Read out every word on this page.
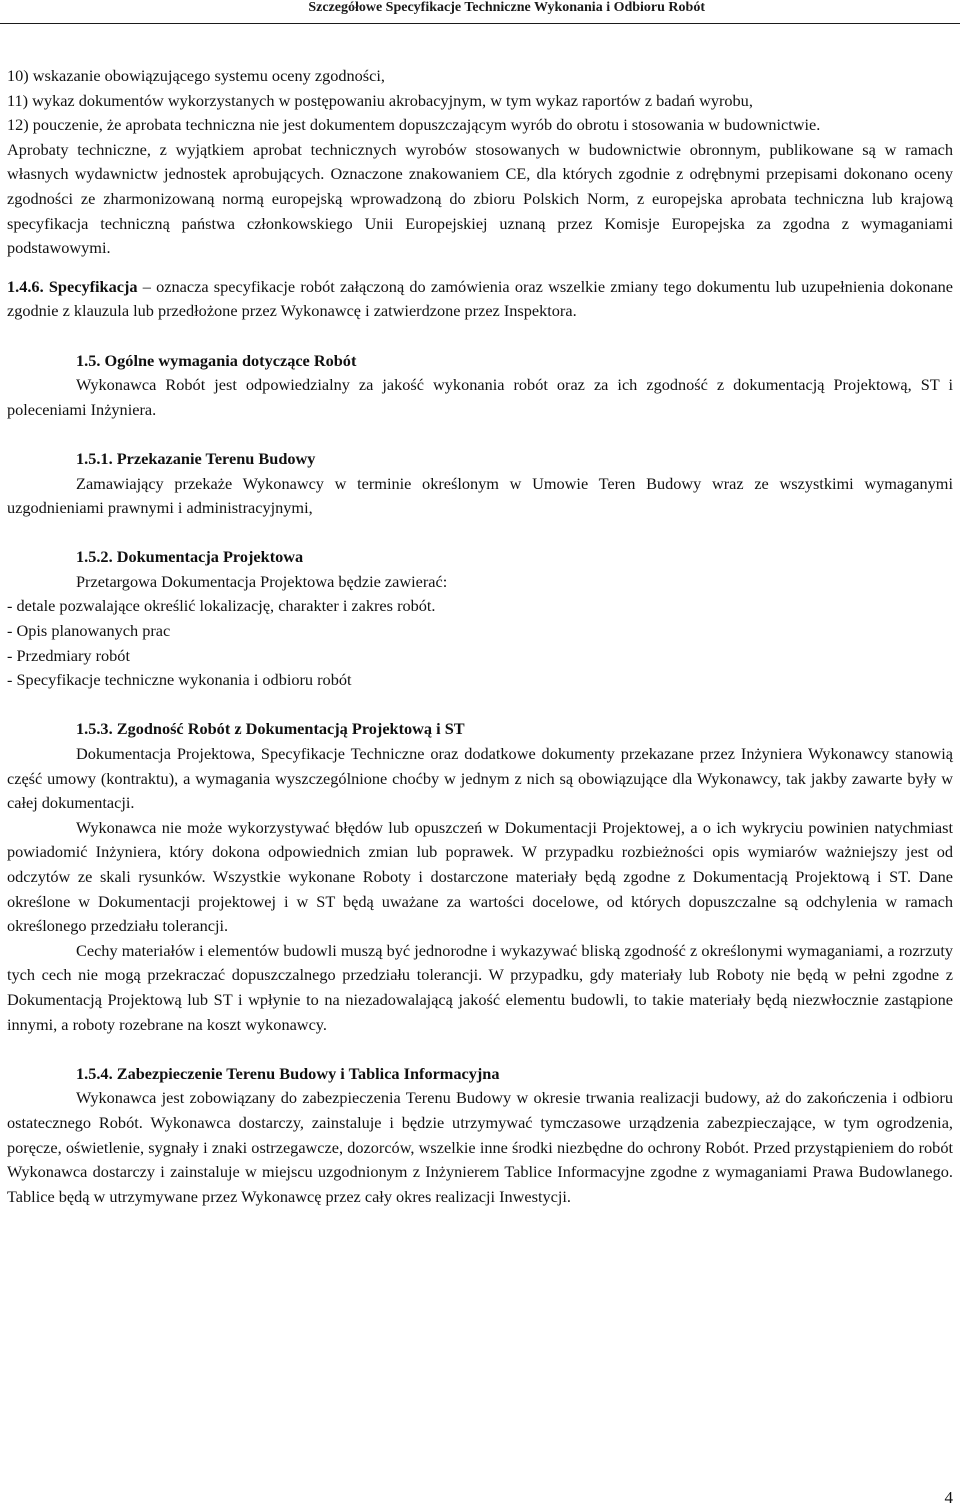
Szczegółowe Specyfikacje Techniczne Wykonania i Odbioru Robót

10) wskazanie obowiązującego systemu oceny zgodności,

11) wykaz dokumentów wykorzystanych w postępowaniu akrobacyjnym, w tym wykaz raportów z badań wyrobu,

12) pouczenie, że aprobata techniczna nie jest dokumentem dopuszczającym wyrób do obrotu i stosowania w budownictwie.

Aprobaty techniczne, z wyjątkiem aprobat technicznych wyrobów stosowanych w budownictwie obronnym, publikowane są w ramach własnych wydawnictw jednostek aprobujących. Oznaczone znakowaniem CE, dla których zgodnie z odrębnymi przepisami dokonano oceny zgodności ze zharmonizowaną normą europejską wprowadzoną do zbioru Polskich Norm, z europejska aprobata techniczna lub krajową specyfikacja techniczną państwa członkowskiego Unii Europejskiej uznaną przez Komisje Europejska za zgodna z wymaganiami podstawowymi.

1.4.6. Specyfikacja ‒ oznacza specyfikacje robót załączoną do zamówienia oraz wszelkie zmiany tego dokumentu lub uzupełnienia dokonane zgodnie z klauzula lub przedłożone przez Wykonawcę i zatwierdzone przez Inspektora.

1.5. Ogólne wymagania dotyczące Robót

Wykonawca Robót jest odpowiedzialny za jakość wykonania robót oraz za ich zgodność z dokumentacją Projektową, ST i poleceniami Inżyniera.

1.5.1. Przekazanie Terenu Budowy

Zamawiający przekaże Wykonawcy w terminie określonym w Umowie Teren Budowy wraz ze wszystkimi wymaganymi uzgodnieniami prawnymi i administracyjnymi,

1.5.2. Dokumentacja Projektowa

Przetargowa Dokumentacja Projektowa będzie zawierać:

- detale pozwalające określić lokalizację, charakter i zakres robót.

- Opis planowanych prac

- Przedmiary robót

- Specyfikacje techniczne wykonania i odbioru robót

1.5.3. Zgodność Robót z Dokumentacją Projektową i ST

Dokumentacja Projektowa, Specyfikacje Techniczne oraz dodatkowe dokumenty przekazane przez Inżyniera Wykonawcy stanowią część umowy (kontraktu), a wymagania wyszczególnione choćby w jednym z nich są obowiązujące dla Wykonawcy, tak jakby zawarte były w całej dokumentacji.

Wykonawca nie może wykorzystywać błędów lub opuszczeń w Dokumentacji Projektowej, a o ich wykryciu powinien natychmiast powiadomić Inżyniera, który dokona odpowiednich zmian lub poprawek. W przypadku rozbieżności opis wymiarów ważniejszy jest od odczytów ze skali rysunków. Wszystkie wykonane Roboty i dostarczone materiały będą zgodne z Dokumentacją Projektową i ST. Dane określone w Dokumentacji projektowej i w ST będą uważane za wartości docelowe, od których dopuszczalne są odchylenia w ramach określonego przedziału tolerancji.

Cechy materiałów i elementów budowli muszą być jednorodne i wykazywać bliską zgodność z określonymi wymaganiami, a rozrzuty tych cech nie mogą przekraczać dopuszczalnego przedziału tolerancji. W przypadku, gdy materiały lub Roboty nie będą w pełni zgodne z Dokumentacją Projektową lub ST i wpłynie to na niezadowalającą jakość elementu budowli, to takie materiały będą niezwłocznie zastąpione innymi, a roboty rozebrane na koszt wykonawcy.

1.5.4. Zabezpieczenie Terenu Budowy i Tablica Informacyjna

Wykonawca jest zobowiązany do zabezpieczenia Terenu Budowy w okresie trwania realizacji budowy, aż do zakończenia i odbioru ostatecznego Robót. Wykonawca dostarczy, zainstaluje i będzie utrzymywać tymczasowe urządzenia zabezpieczające, w tym ogrodzenia, poręcze, oświetlenie, sygnały i znaki ostrzegawcze, dozorców, wszelkie inne środki niezbędne do ochrony Robót. Przed przystąpieniem do robót Wykonawca dostarczy i zainstaluje w miejscu uzgodnionym z Inżynierem Tablice Informacyjne zgodne z wymaganiami Prawa Budowlanego. Tablice będą w utrzymywane przez Wykonawcę przez cały okres realizacji Inwestycji.

4
